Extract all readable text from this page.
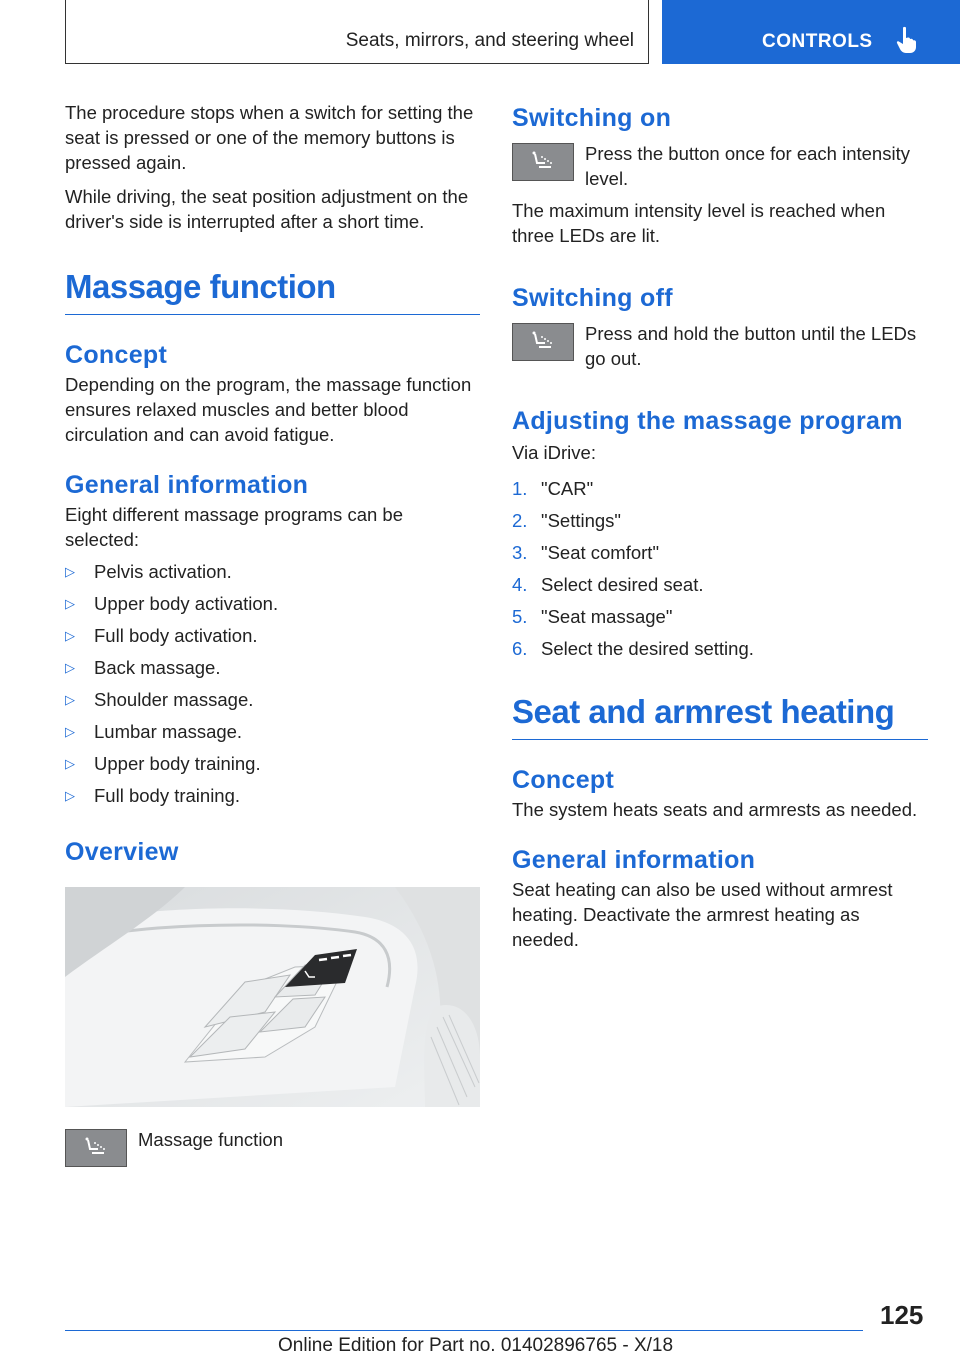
Seats, mirrors, and steering wheel	CONTROLS

The procedure stops when a switch for setting the seat is pressed or one of the memory buttons is pressed again.

While driving, the seat position adjustment on the driver's side is interrupted after a short time.

Massage function
Concept

Depending on the program, the massage function ensures relaxed muscles and better blood circulation and can avoid fatigue.

General information

Eight different massage programs can be selected:

▷ Pelvis activation.
▷ Upper body activation.
▷ Full body activation.
▷ Back massage.
▷ Shoulder massage.
▷ Lumbar massage.
▷ Upper body training.
▷ Full body training.
Overview

Massage function

Switching on

Press the button once for each intensity level.

The maximum intensity level is reached when three LEDs are lit.

Switching off

Press and hold the button until the LEDs go out.

Adjusting the massage program

Via iDrive:

1. "CAR"
2. "Settings"
3. "Seat comfort"
4. Select desired seat.
5. "Seat massage"
6. Select the desired setting.
Seat and armrest heating
Concept

The system heats seats and armrests as needed.

General information

Seat heating can also be used without armrest heating. Deactivate the armrest heating as needed.

125
Online Edition for Part no. 01402896765 - X/18
